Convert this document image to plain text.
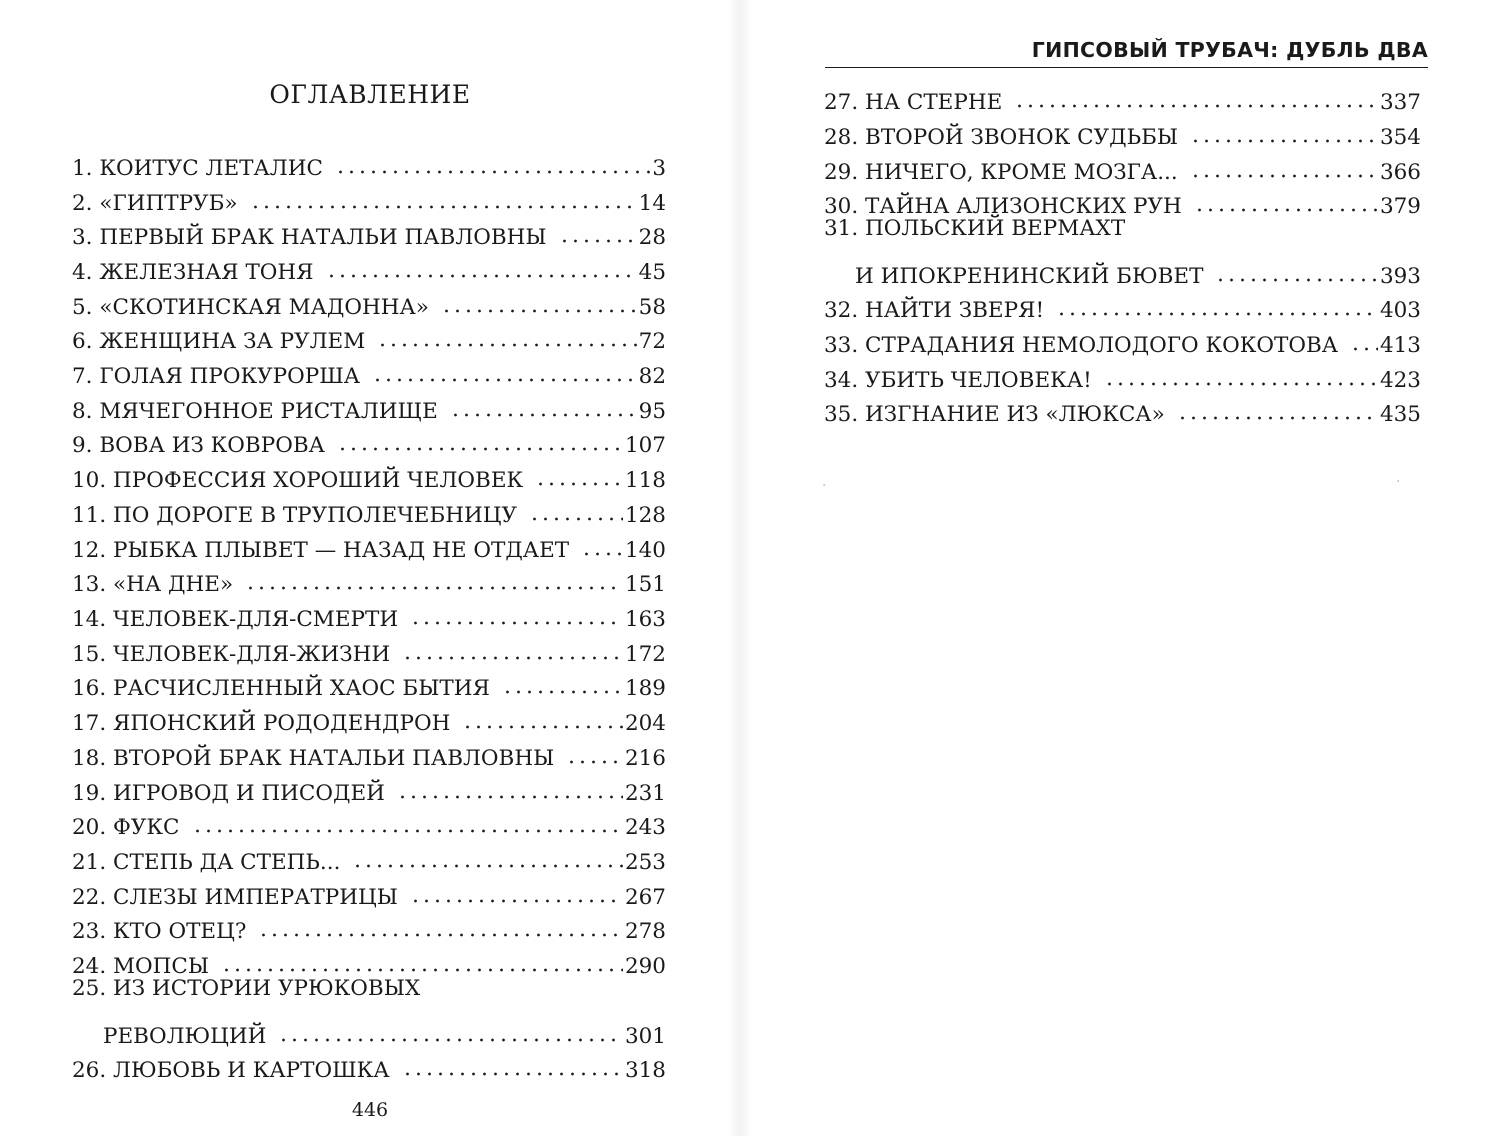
ОГЛАВЛЕНИЕ
1. КОИТУС ЛЕТАЛИС	3
2. «ГИПТРУБ»	14
3. ПЕРВЫЙ БРАК НАТАЛЬИ ПАВЛОВНЫ	28
4. ЖЕЛЕЗНАЯ ТОНЯ	45
5. «СКОТИНСКАЯ МАДОННА»	58
6. ЖЕНЩИНА ЗА РУЛЕМ	72
7. ГОЛАЯ ПРОКУРОРША	82
8. МЯЧЕГОННОЕ РИСТАЛИЩЕ	95
9. ВОВА ИЗ КОВРОВА	107
10. ПРОФЕССИЯ ХОРОШИЙ ЧЕЛОВЕК	118
11. ПО ДОРОГЕ В ТРУПОЛЕЧЕБНИЦУ	128
12. РЫБКА ПЛЫВЕТ — НАЗАД НЕ ОТДАЕТ	140
13. «НА ДНЕ»	151
14. ЧЕЛОВЕК-ДЛЯ-СМЕРТИ	163
15. ЧЕЛОВЕК-ДЛЯ-ЖИЗНИ	172
16. РАСЧИСЛЕННЫЙ ХАОС БЫТИЯ	189
17. ЯПОНСКИЙ РОДОДЕНДРОН	204
18. ВТОРОЙ БРАК НАТАЛЬИ ПАВЛОВНЫ	216
19. ИГРОВОД И ПИСОДЕЙ	231
20. ФУКС	243
21. СТЕПЬ ДА СТЕПЬ...	253
22. СЛЕЗЫ ИМПЕРАТРИЦЫ	267
23. КТО ОТЕЦ?	278
24. МОПСЫ	290
25. ИЗ ИСТОРИИ УРЮКОВЫХ
РЕВОЛЮЦИЙ	301
26. ЛЮБОВЬ И КАРТОШКА	318
446
ГИПСОВЫЙ ТРУБАЧ: ДУБЛЬ ДВА
27. НА СТЕРНЕ	337
28. ВТОРОЙ ЗВОНОК СУДЬБЫ	354
29. НИЧЕГО, КРОМЕ МОЗГА...	366
30. ТАЙНА АЛИЗОНСКИХ РУН	379
31. ПОЛЬСКИЙ ВЕРМАХТ
И ИПОКРЕНИНСКИЙ БЮВЕТ	393
32. НАЙТИ ЗВЕРЯ!	403
33. СТРАДАНИЯ НЕМОЛОДОГО КОКОТОВА 413
34. УБИТЬ ЧЕЛОВЕКА!	423
35. ИЗГНАНИЕ ИЗ «ЛЮКСА»	435
·	·
